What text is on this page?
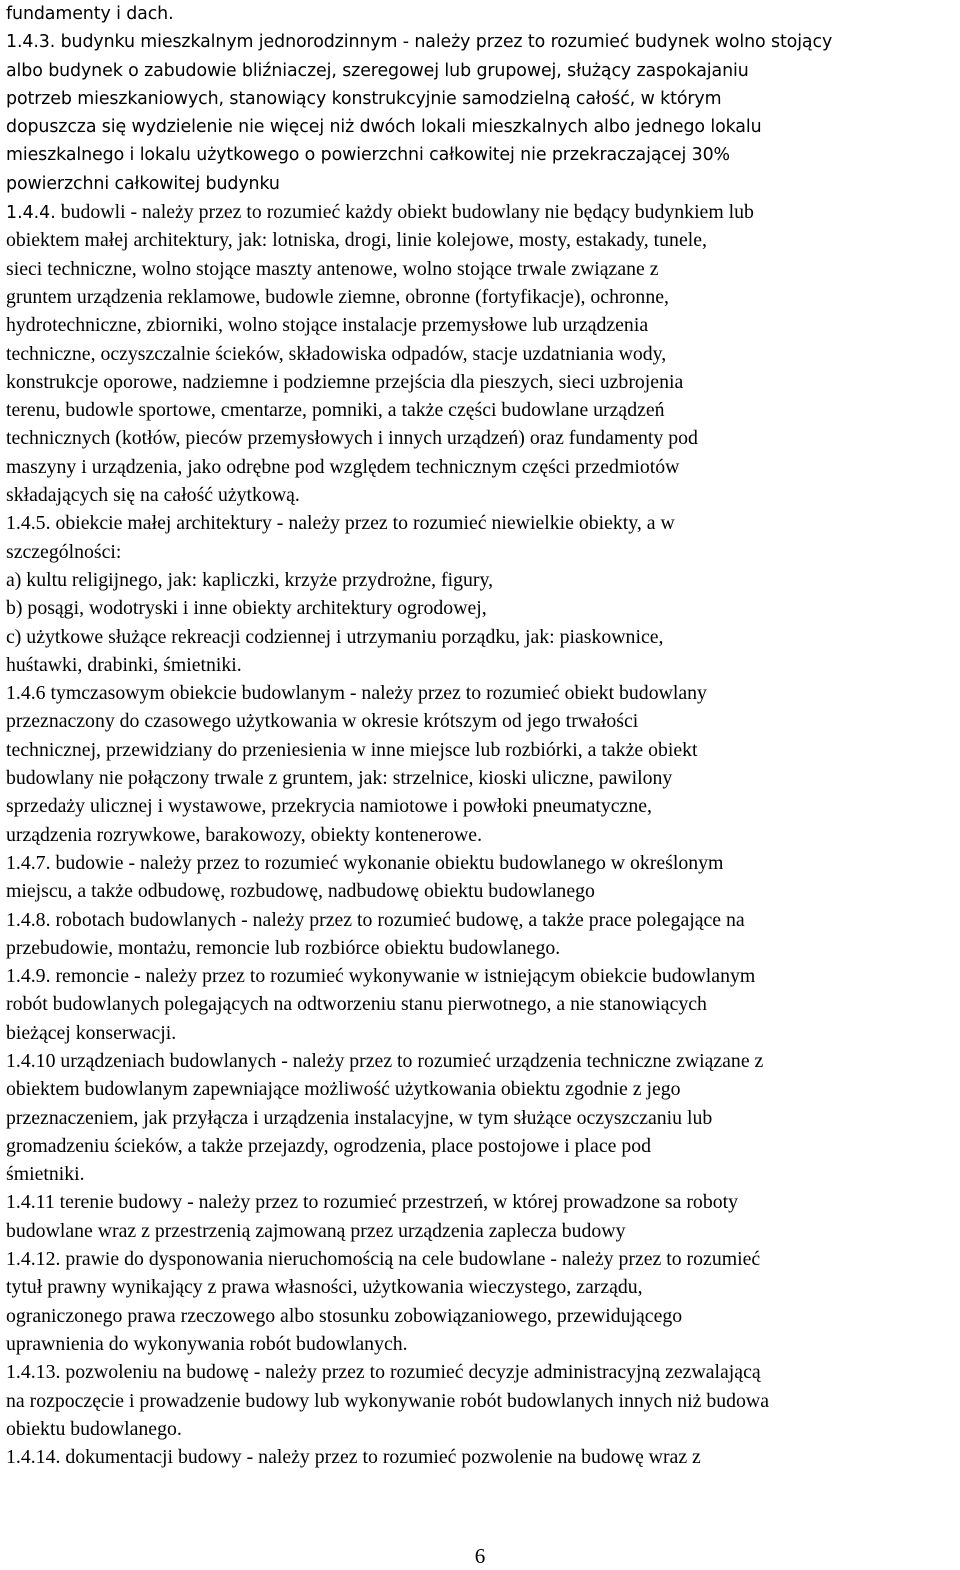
fundamenty i dach.
1.4.3. budynku mieszkalnym jednorodzinnym - należy przez to rozumieć budynek wolno stojący
albo budynek o zabudowie bliźniaczej, szeregowej lub grupowej, służący zaspokajaniu
potrzeb mieszkaniowych, stanowiący konstrukcyjnie samodzielną całość, w którym
dopuszcza się wydzielenie nie więcej niż dwóch lokali mieszkalnych albo jednego lokalu
mieszkalnego i lokalu użytkowego o powierzchni całkowitej nie przekraczającej 30%
powierzchni całkowitej budynku
1.4.4. budowli - należy przez to rozumieć każdy obiekt budowlany nie będący budynkiem lub
obiektem małej architektury, jak: lotniska, drogi, linie kolejowe, mosty, estakady, tunele,
sieci techniczne, wolno stojące maszty antenowe, wolno stojące trwale związane z
gruntem urządzenia reklamowe, budowle ziemne, obronne (fortyfikacje), ochronne,
hydrotechniczne, zbiorniki, wolno stojące instalacje przemysłowe lub urządzenia
techniczne, oczyszczalnie ścieków, składowiska odpadów, stacje uzdatniania wody,
konstrukcje oporowe, nadziemne i podziemne przejścia dla pieszych, sieci uzbrojenia
terenu, budowle sportowe, cmentarze, pomniki, a także części budowlane urządzeń
technicznych (kotłów, pieców przemysłowych i innych urządzeń) oraz fundamenty pod
maszyny i urządzenia, jako odrębne pod względem technicznym części przedmiotów
składających się na całość użytkową.
1.4.5. obiekcie małej architektury - należy przez to rozumieć niewielkie obiekty, a w
szczególności:
a) kultu religijnego, jak: kapliczki, krzyże przydrożne, figury,
b) posągi, wodotryski i inne obiekty architektury ogrodowej,
c) użytkowe służące rekreacji codziennej i utrzymaniu porządku, jak: piaskownice,
huśtawki, drabinki, śmietniki.
1.4.6 tymczasowym obiekcie budowlanym - należy przez to rozumieć obiekt budowlany
przeznaczony do czasowego użytkowania w okresie krótszym od jego trwałości
technicznej, przewidziany do przeniesienia w inne miejsce lub rozbiórki, a także obiekt
budowlany nie połączony trwale z gruntem, jak: strzelnice, kioski uliczne, pawilony
sprzedaży ulicznej i wystawowe, przekrycia namiotowe i powłoki pneumatyczne,
urządzenia rozrywkowe, barakowozy, obiekty kontenerowe.
1.4.7. budowie - należy przez to rozumieć wykonanie obiektu budowlanego w określonym
miejscu, a także odbudowę, rozbudowę, nadbudowę obiektu budowlanego
1.4.8. robotach budowlanych - należy przez to rozumieć budowę, a także prace polegające na
przebudowie, montażu, remoncie lub rozbiórce obiektu budowlanego.
1.4.9. remoncie - należy przez to rozumieć wykonywanie w istniejącym obiekcie budowlanym
robót budowlanych polegających na odtworzeniu stanu pierwotnego, a nie stanowiących
bieżącej konserwacji.
1.4.10 urządzeniach budowlanych - należy przez to rozumieć urządzenia techniczne związane z
obiektem budowlanym zapewniające możliwość użytkowania obiektu zgodnie z jego
przeznaczeniem, jak przyłącza i urządzenia instalacyjne, w tym służące oczyszczaniu lub
gromadzeniu ścieków, a także przejazdy, ogrodzenia, place postojowe i place pod
śmietniki.
1.4.11 terenie budowy - należy przez to rozumieć przestrzeń, w której prowadzone sa roboty
budowlane wraz z przestrzenią zajmowaną przez urządzenia zaplecza budowy
1.4.12. prawie do dysponowania nieruchomością na cele budowlane - należy przez to rozumieć
tytuł prawny wynikający z prawa własności, użytkowania wieczystego, zarządu,
ograniczonego prawa rzeczowego albo stosunku zobowiązaniowego, przewidującego
uprawnienia do wykonywania robót budowlanych.
1.4.13. pozwoleniu na budowę - należy przez to rozumieć decyzje administracyjną zezwalającą
na rozpoczęcie i prowadzenie budowy lub wykonywanie robót budowlanych innych niż budowa
obiektu budowlanego.
1.4.14. dokumentacji budowy - należy przez to rozumieć pozwolenie na budowę wraz z
6
